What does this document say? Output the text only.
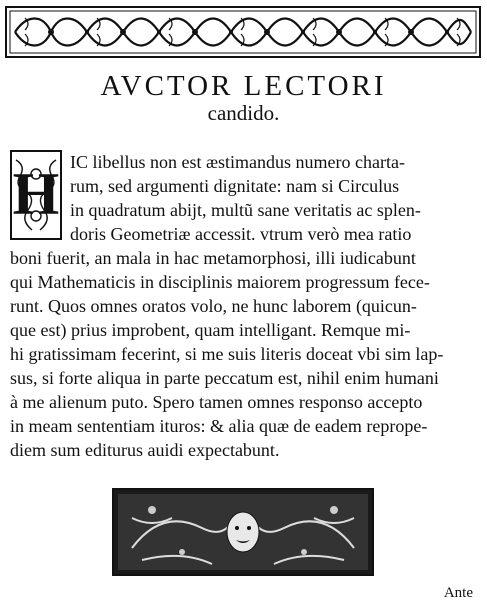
AVCTOR LECTORI
candido.
H IC libellus non est æstimandus numero charta-
rum, sed argumenti dignitate: nam si Circulus
in quadratum abijt, multũ sane veritatis ac splen-
doris Geometriæ accessit. vtrum verò mea ratio
boni fuerit, an mala in hac metamorphosi, illi iudicabunt
qui Mathematicis in disciplinis maiorem progressum fece-
runt. Quos omnes oratos volo, ne hunc laborem (quicun-
que est) prius improbent, quam intelligant. Remque mi-
hi gratissimam fecerint, si me suis literis doceat vbi sim lap-
sus, si forte aliqua in parte peccatum est, nihil enim humani
à me alienum puto. Spero tamen omnes responso accepto
in meam sententiam ituros: & alia quæ de eadem reprope-
diem sum editurus auidi expectabunt.
Ante
